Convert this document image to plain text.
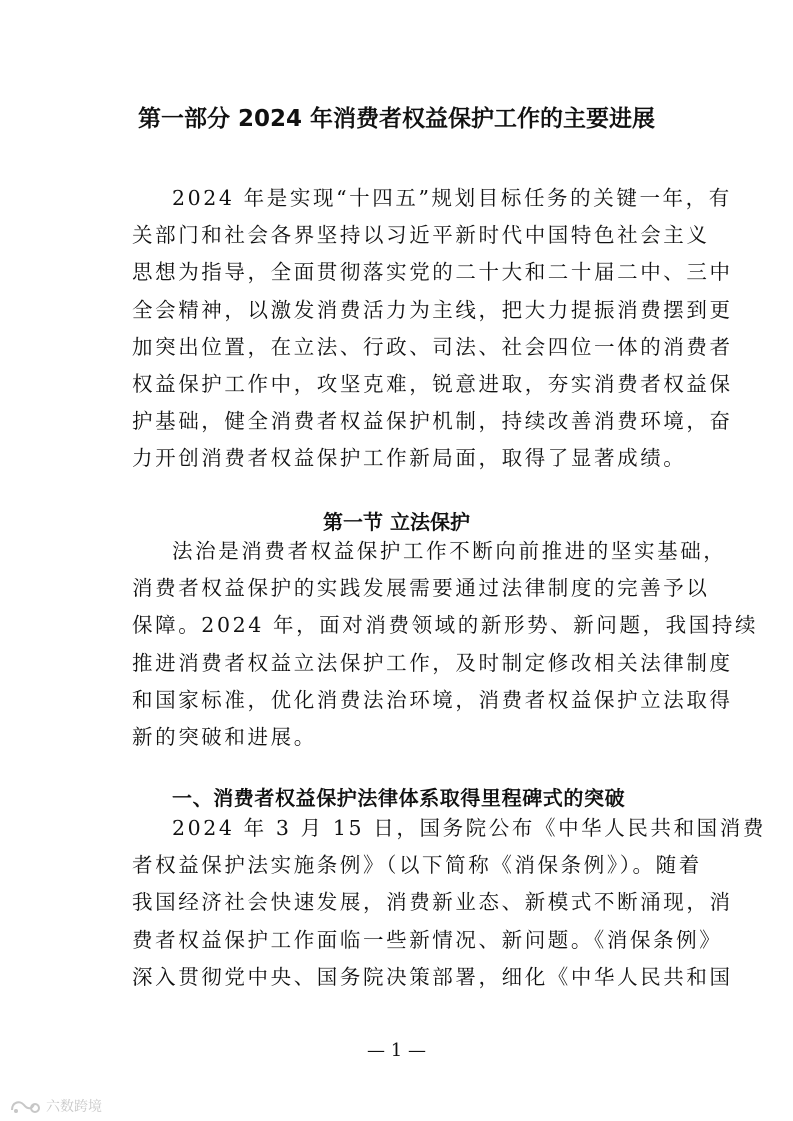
第一部分 2024 年消费者权益保护工作的主要进展
2024 年是实现“十四五”规划目标任务的关键一年，有
关部门和社会各界坚持以习近平新时代中国特色社会主义
思想为指导，全面贯彻落实党的二十大和二十届二中、三中
全会精神，以激发消费活力为主线，把大力提振消费摆到更
加突出位置，在立法、行政、司法、社会四位一体的消费者
权益保护工作中，攻坚克难，锐意进取，夯实消费者权益保
护基础，健全消费者权益保护机制，持续改善消费环境，奋
力开创消费者权益保护工作新局面，取得了显著成绩。
第一节 立法保护
法治是消费者权益保护工作不断向前推进的坚实基础，
消费者权益保护的实践发展需要通过法律制度的完善予以
保障。2024 年，面对消费领域的新形势、新问题，我国持续
推进消费者权益立法保护工作，及时制定修改相关法律制度
和国家标准，优化消费法治环境，消费者权益保护立法取得
新的突破和进展。
一、消费者权益保护法律体系取得里程碑式的突破
2024 年 3 月 15 日，国务院公布《中华人民共和国消费
者权益保护法实施条例》（以下简称《消保条例》）。随着
我国经济社会快速发展，消费新业态、新模式不断涌现，消
费者权益保护工作面临一些新情况、新问题。《消保条例》
深入贯彻党中央、国务院决策部署，细化《中华人民共和国
— 1 —
六数跨境
